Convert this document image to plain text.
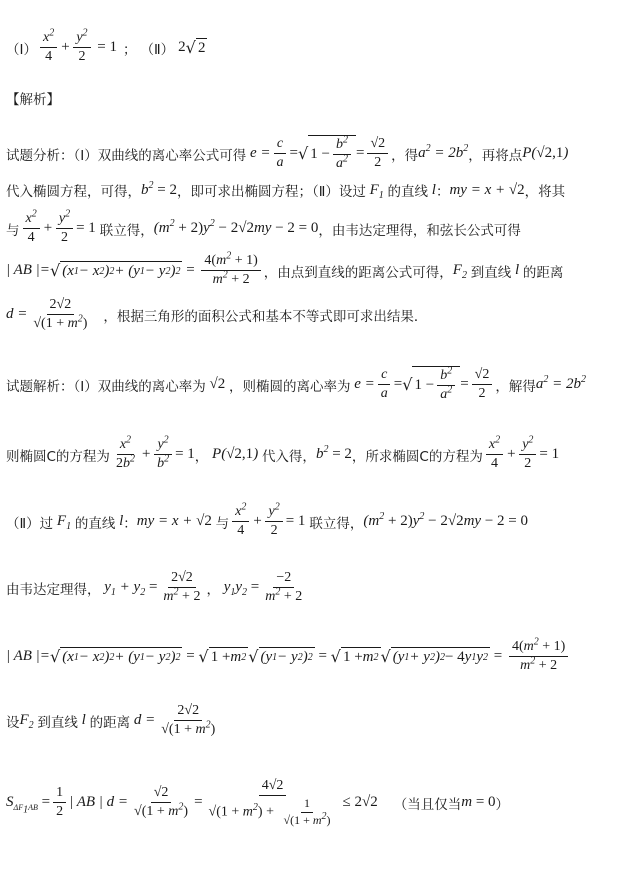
（Ⅰ） $\frac{x^2}{4} + \frac{y^2}{2} = 1$ ； （Ⅱ） 2 √ 2
【解析】
试题分析：（Ⅰ）双曲线的离心率公式可得 $e = \frac{c}{a}$ = √ $1 - \frac{b^2}{a^2} = \frac{√2}{2}$ ，得 $a^2 = 2b^2$ ，再将点 P(√2,1)
代入椭圆方程，可得， $b^2 = 2$ ，即可求出椭圆方程；（Ⅱ）设过 $F_1$ 的直线 l ： my = x + √2 ，将其
与 $\frac{x^2}{4} + \frac{y^2}{2} = 1$ 联立得， $(m^2 + 2)y^2 - 2√2my - 2 = 0$ ，由韦达定理得，和弦长公式可得
| AB |= √ (x 1 − x 2 ) 2 + (y 1 − y 2 ) $2 = \frac{4(m^2 + 1)}{m^2 + 2}$ ，由点到直线的距离公式可得， $F_2$ 到直线 l 的距离
$d = \frac{2√2}{√(1 + m^2)}$ ，根据三角形的面积公式和基本不等式即可求出结果．
试题解析：（Ⅰ）双曲线的离心率为 √2 ，则椭圆的离心率为 $e = \frac{c}{a}$ = √ $1 - \frac{b^2}{a^2} = \frac{√2}{2}$ ，解得 $a^2 = 2b^2$
则椭圆C的方程为 $\frac{x^2}{2b^2} + \frac{y^2}{b^2} = 1$ ， P(√2,1) 代入得， $b^2 = 2$ ，所求椭圆C的方程为 $\frac{x^2}{4} + \frac{y^2}{2} = 1$
（Ⅱ）过 $F_1$ 的直线 l ： my = x + √2 与 $\frac{x^2}{4} + \frac{y^2}{2} = 1$ 联立得， $(m^2 + 2)y^2 - 2√2my - 2 = 0$
由韦达定理得， $y_1 + y_2 = \frac{2√2}{m^2 + 2}$ ， $y_1y_2 = \frac{-2}{m^2 + 2}$
| AB |= √ (x 1 − x 2 ) 2 + (y 1 − y 2 ) 2 = √ 1 + m 2 √ (y 1 − y 2 ) 2 = √ 1 + m 2 √ (y 1 + y 2 ) 2 − 4 y 1 y $2 = \frac{4(m^2 + 1)}{m^2 + 2}$
设 $F_2$ 到直线 l 的距离 $d = \frac{2√2}{√(1 + m^2)}$
$S_{\Delta F_1AB} = \frac{1}{2}$ | AB | $d = \frac{√2}{√(1 + m^2)} = \frac{4√2}{√(1 + m^2) + \frac{1}{√(1 + m^2)}} \le 2√2$ （当且仅当 m = 0 ）
